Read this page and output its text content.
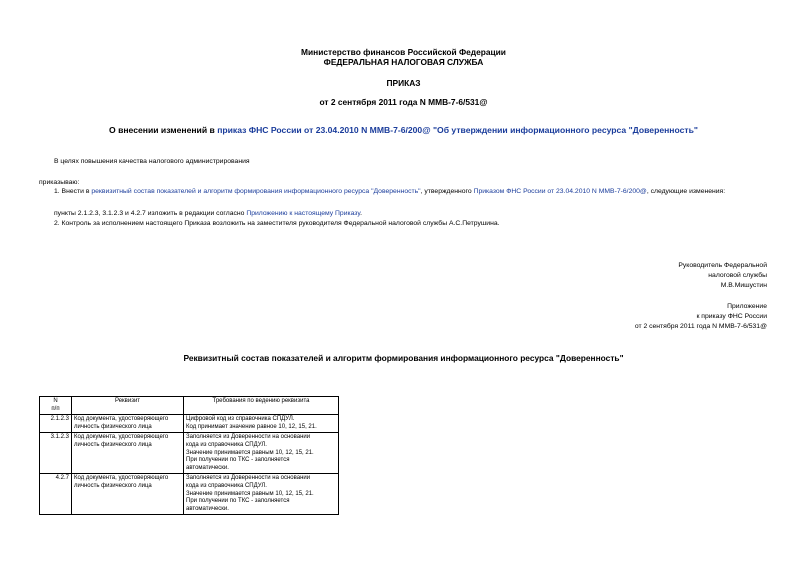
Министерство финансов Российской Федерации
ФЕДЕРАЛЬНАЯ НАЛОГОВАЯ СЛУЖБА
ПРИКАЗ
от 2 сентября 2011 года N ММВ-7-6/531@
О внесении изменений в приказ ФНС России от 23.04.2010 N ММВ-7-6/200@ "Об утверждении информационного ресурса "Доверенность"
В целях повышения качества налогового администрирования
приказываю:
1. Внести в реквизитный состав показателей и алгоритм формирования информационного ресурса "Доверенность", утвержденного Приказом ФНС России от 23.04.2010 N ММВ-7-6/200@, следующие изменения:
пункты 2.1.2.3, 3.1.2.3 и 4.2.7 изложить в редакции согласно Приложению к настоящему Приказу.
2. Контроль за исполнением настоящего Приказа возложить на заместителя руководителя Федеральной налоговой службы А.С.Петрушина.
Руководитель Федеральной
налоговой службы
М.В.Мишустин
Приложение
к приказу ФНС России
от 2 сентября 2011 года N ММВ-7-6/531@
Реквизитный состав показателей и алгоритм формирования информационного ресурса "Доверенность"
N
п/п	Реквизит	Требования по ведению реквизита
2.1.2.3	Код документа, удостоверяющего
личность физического лица	Цифровой код из справочника СПДУЛ.
Код принимает значение равное 10, 12, 15, 21.
3.1.2.3	Код документа, удостоверяющего
личность физического лица	Заполняется из Доверенности на основании
кода из справочника СПДУЛ.
Значение принимается равным 10, 12, 15, 21.
При получении по ТКС - заполняется
автоматически.
4.2.7	Код документа, удостоверяющего
личность физического лица	Заполняется из Доверенности на основании
кода из справочника СПДУЛ.
Значение принимается равным 10, 12, 15, 21.
При получении по ТКС - заполняется
автоматически.
